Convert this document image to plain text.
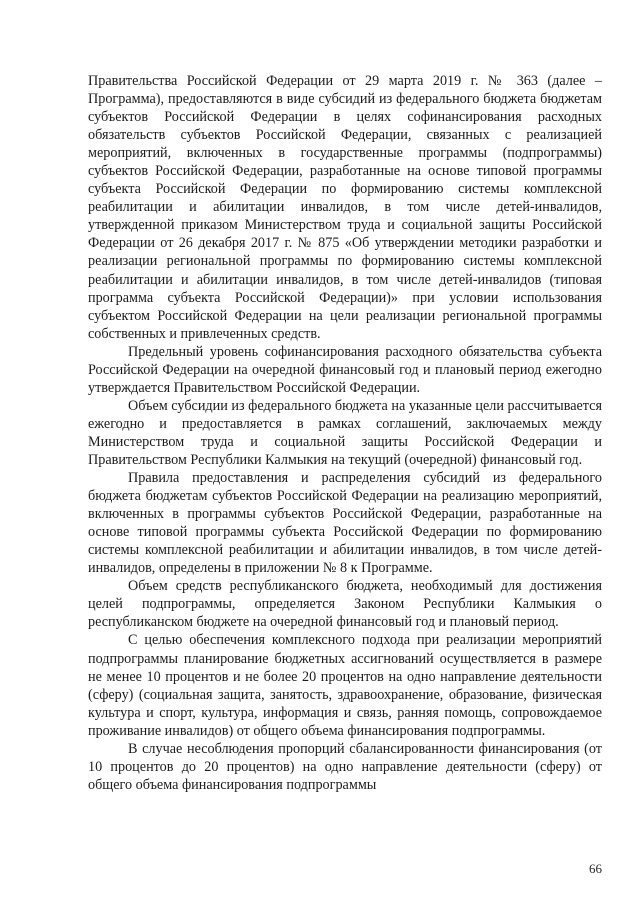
Правительства Российской Федерации от 29 марта 2019 г. № 363 (далее – Программа), предоставляются в виде субсидий из федерального бюджета бюджетам субъектов Российской Федерации в целях софинансирования расходных обязательств субъектов Российской Федерации, связанных с реализацией мероприятий, включенных в государственные программы (подпрограммы) субъектов Российской Федерации, разработанные на основе типовой программы субъекта Российской Федерации по формированию системы комплексной реабилитации и абилитации инвалидов, в том числе детей-инвалидов, утвержденной приказом Министерством труда и социальной защиты Российской Федерации от 26 декабря 2017 г. № 875 «Об утверждении методики разработки и реализации региональной программы по формированию системы комплексной реабилитации и абилитации инвалидов, в том числе детей-инвалидов (типовая программа субъекта Российской Федерации)» при условии использования субъектом Российской Федерации на цели реализации региональной программы собственных и привлеченных средств.

Предельный уровень софинансирования расходного обязательства субъекта Российской Федерации на очередной финансовый год и плановый период ежегодно утверждается Правительством Российской Федерации.

Объем субсидии из федерального бюджета на указанные цели рассчитывается ежегодно и предоставляется в рамках соглашений, заключаемых между Министерством труда и социальной защиты Российской Федерации и Правительством Республики Калмыкия на текущий (очередной) финансовый год.

Правила предоставления и распределения субсидий из федерального бюджета бюджетам субъектов Российской Федерации на реализацию мероприятий, включенных в программы субъектов Российской Федерации, разработанные на основе типовой программы субъекта Российской Федерации по формированию системы комплексной реабилитации и абилитации инвалидов, в том числе детей-инвалидов, определены в приложении № 8 к Программе.

Объем средств республиканского бюджета, необходимый для достижения целей подпрограммы, определяется Законом Республики Калмыкия о республиканском бюджете на очередной финансовый год и плановый период.

С целью обеспечения комплексного подхода при реализации мероприятий подпрограммы планирование бюджетных ассигнований осуществляется в размере не менее 10 процентов и не более 20 процентов на одно направление деятельности (сферу) (социальная защита, занятость, здравоохранение, образование, физическая культура и спорт, культура, информация и связь, ранняя помощь, сопровождаемое проживание инвалидов) от общего объема финансирования подпрограммы.

В случае несоблюдения пропорций сбалансированности финансирования (от 10 процентов до 20 процентов) на одно направление деятельности (сферу) от общего объема финансирования подпрограммы

66
